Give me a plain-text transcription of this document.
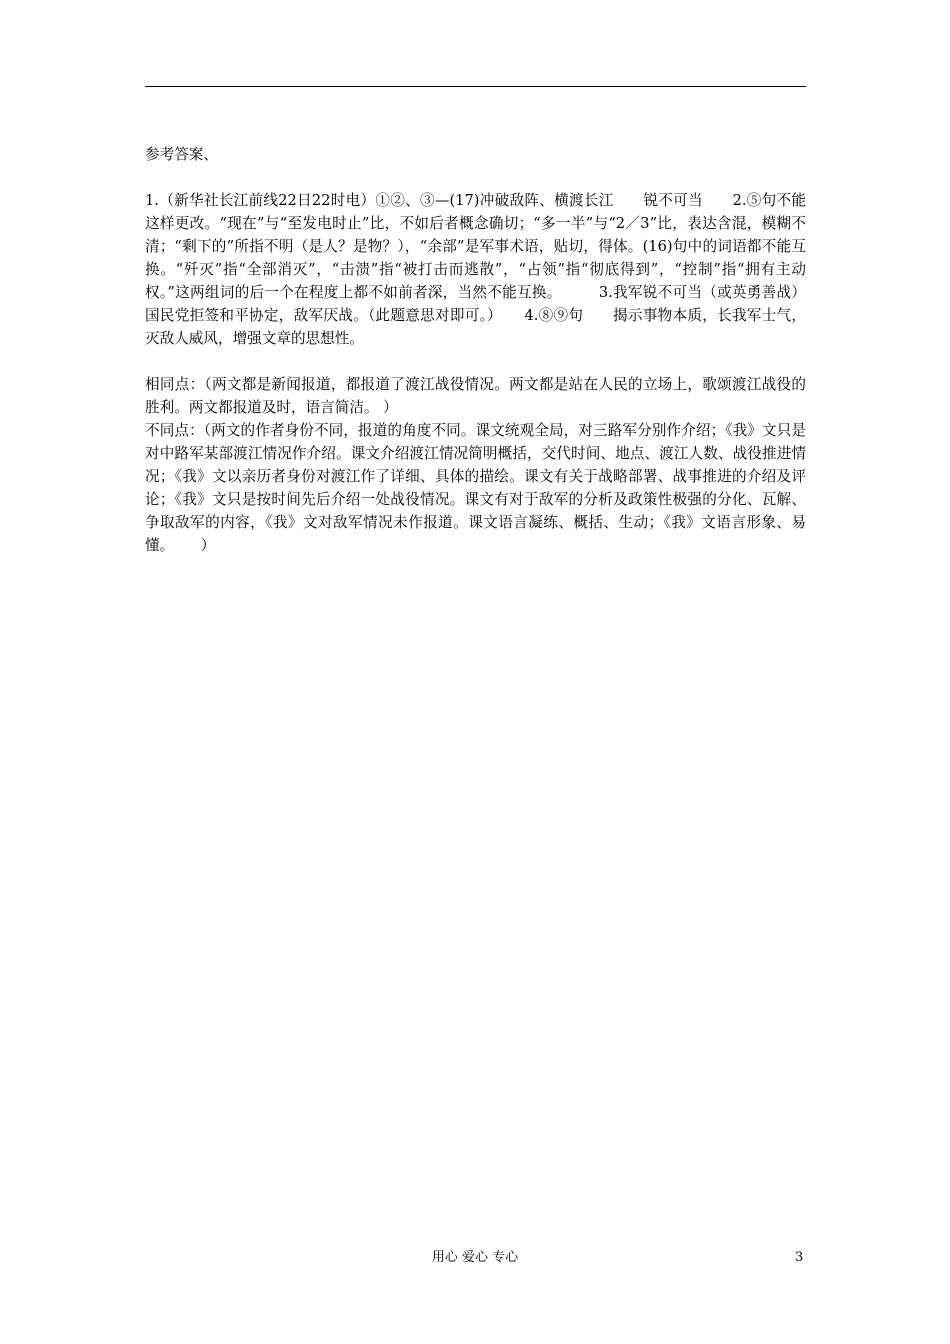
参考答案、

1.（新华社长江前线22日22时电）①②、③—(17)冲破敌阵、横渡长江　　锐不可当　　2.⑤句不能这样更改。“现在”与“至发电时止”比，不如后者概念确切；“多一半”与“2／3”比，表达含混，模糊不清；“剩下的”所指不明（是人？是物？），“余部”是军事术语，贴切，得体。(16)句中的词语都不能互换。“歼灭”指“全部消灭”，“击溃”指“被打击而逃散”，“占领”指“彻底得到”，“控制”指“拥有主动权。”这两组词的后一个在程度上都不如前者深，当然不能互换。　　　3.我军锐不可当（或英勇善战）国民党拒签和平协定，敌军厌战。（此题意思对即可。）　　4.⑧⑨句　　揭示事物本质，长我军士气，灭敌人威风，增强文章的思想性。

相同点：（两文都是新闻报道，都报道了渡江战役情况。两文都是站在人民的立场上，歌颂渡江战役的胜利。两文都报道及时，语言简洁。 ）

不同点：（两文的作者身份不同，报道的角度不同。课文统观全局，对三路军分别作介绍；《我》文只是对中路军某部渡江情况作介绍。课文介绍渡江情况简明概括，交代时间、地点、渡江人数、战役推进情况；《我》文以亲历者身份对渡江作了详细、具体的描绘。课文有关于战略部署、战事推进的介绍及评论；《我》文只是按时间先后介绍一处战役情况。课文有对于敌军的分析及政策性极强的分化、瓦解、争取敌军的内容，《我》文对敌军情况未作报道。课文语言凝练、概括、生动；《我》文语言形象、易懂。　　 ）

用心 爱心 专心	3
